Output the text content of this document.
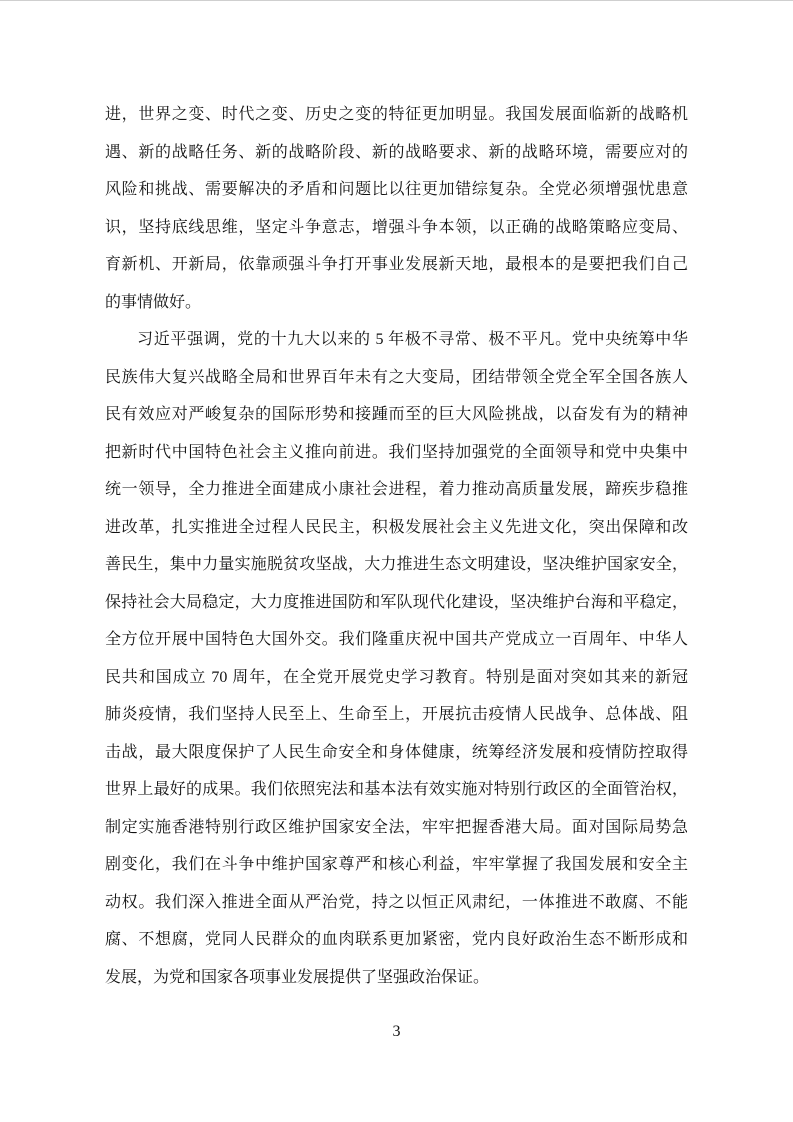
进，世界之变、时代之变、历史之变的特征更加明显。我国发展面临新的战略机
遇、新的战略任务、新的战略阶段、新的战略要求、新的战略环境，需要应对的
风险和挑战、需要解决的矛盾和问题比以往更加错综复杂。全党必须增强忧患意
识，坚持底线思维，坚定斗争意志，增强斗争本领，以正确的战略策略应变局、
育新机、开新局，依靠顽强斗争打开事业发展新天地，最根本的是要把我们自己
的事情做好。
习近平强调，党的十九大以来的 5 年极不寻常、极不平凡。党中央统筹中华
民族伟大复兴战略全局和世界百年未有之大变局，团结带领全党全军全国各族人
民有效应对严峻复杂的国际形势和接踵而至的巨大风险挑战，以奋发有为的精神
把新时代中国特色社会主义推向前进。我们坚持加强党的全面领导和党中央集中
统一领导，全力推进全面建成小康社会进程，着力推动高质量发展，蹄疾步稳推
进改革，扎实推进全过程人民民主，积极发展社会主义先进文化，突出保障和改
善民生，集中力量实施脱贫攻坚战，大力推进生态文明建设，坚决维护国家安全，
保持社会大局稳定，大力度推进国防和军队现代化建设，坚决维护台海和平稳定，
全方位开展中国特色大国外交。我们隆重庆祝中国共产党成立一百周年、中华人
民共和国成立 70 周年，在全党开展党史学习教育。特别是面对突如其来的新冠
肺炎疫情，我们坚持人民至上、生命至上，开展抗击疫情人民战争、总体战、阻
击战，最大限度保护了人民生命安全和身体健康，统筹经济发展和疫情防控取得
世界上最好的成果。我们依照宪法和基本法有效实施对特别行政区的全面管治权，
制定实施香港特别行政区维护国家安全法，牢牢把握香港大局。面对国际局势急
剧变化，我们在斗争中维护国家尊严和核心利益，牢牢掌握了我国发展和安全主
动权。我们深入推进全面从严治党，持之以恒正风肃纪，一体推进不敢腐、不能
腐、不想腐，党同人民群众的血肉联系更加紧密，党内良好政治生态不断形成和
发展，为党和国家各项事业发展提供了坚强政治保证。
3
